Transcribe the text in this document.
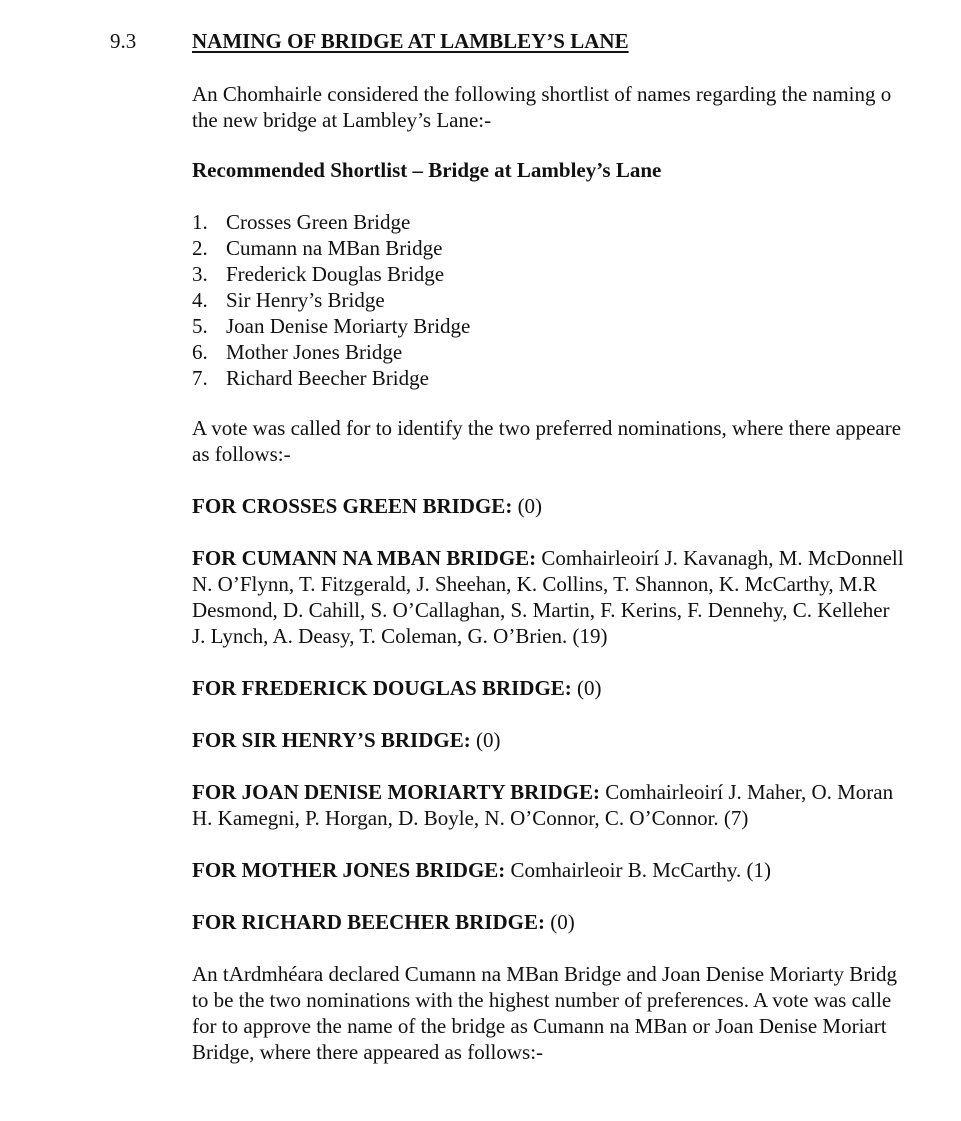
9.3	NAMING OF BRIDGE AT LAMBLEY’S LANE

An Chomhairle considered the following shortlist of names regarding the naming o
the new bridge at Lambley’s Lane:-

Recommended Shortlist – Bridge at Lambley’s Lane
1. Crosses Green Bridge
2. Cumann na MBan Bridge
3. Frederick Douglas Bridge
4. Sir Henry’s Bridge
5. Joan Denise Moriarty Bridge
6. Mother Jones Bridge
7. Richard Beecher Bridge

A vote was called for to identify the two preferred nominations, where there appeare
as follows:-

FOR CROSSES GREEN BRIDGE: (0)
FOR CUMANN NA MBAN BRIDGE: Comhairleoirí J. Kavanagh, M. McDonnell
N. O’Flynn, T. Fitzgerald, J. Sheehan, K. Collins, T. Shannon, K. McCarthy, M.R
Desmond, D. Cahill, S. O’Callaghan, S. Martin, F. Kerins, F. Dennehy, C. Kelleher
J. Lynch, A. Deasy, T. Coleman, G. O’Brien. (19)
FOR FREDERICK DOUGLAS BRIDGE: (0)
FOR SIR HENRY’S BRIDGE: (0)
FOR JOAN DENISE MORIARTY BRIDGE: Comhairleoirí J. Maher, O. Moran
H. Kamegni, P. Horgan, D. Boyle, N. O’Connor, C. O’Connor. (7)
FOR MOTHER JONES BRIDGE: Comhairleoir B. McCarthy. (1)
FOR RICHARD BEECHER BRIDGE: (0)

An tArdmhéara declared Cumann na MBan Bridge and Joan Denise Moriarty Bridg
to be the two nominations with the highest number of preferences. A vote was calle
for to approve the name of the bridge as Cumann na MBan or Joan Denise Moriart
Bridge, where there appeared as follows:-
